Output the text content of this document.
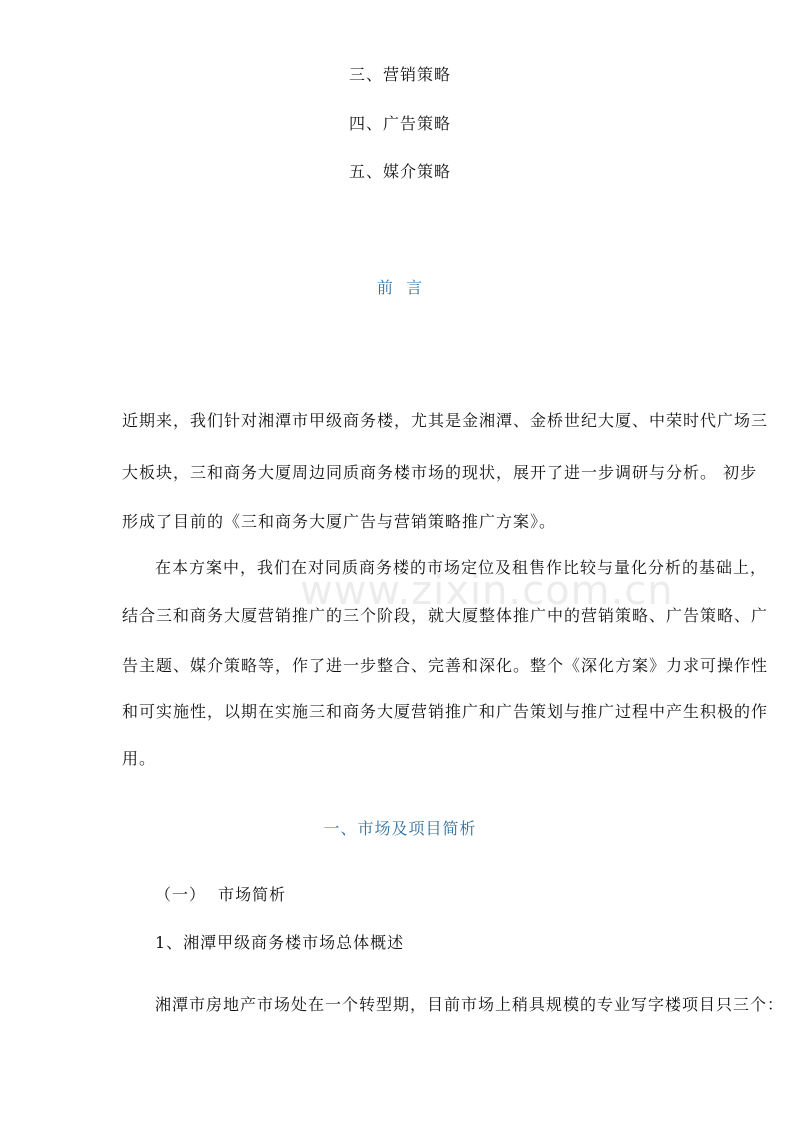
www.zixin.com.cn
三、营销策略
四、广告策略
五、媒介策略
前  言
近期来，我们针对湘潭市甲级商务楼，尤其是金湘潭、金桥世纪大厦、中荣时代广场三
大板块，三和商务大厦周边同质商务楼市场的现状，展开了进一步调研与分析。 初步
形成了目前的《三和商务大厦广告与营销策略推广方案》。
在本方案中，我们在对同质商务楼的市场定位及租售作比较与量化分析的基础上，
结合三和商务大厦营销推广的三个阶段，就大厦整体推广中的营销策略、广告策略、广
告主题、媒介策略等，作了进一步整合、完善和深化。整个《深化方案》力求可操作性
和可实施性，以期在实施三和商务大厦营销推广和广告策划与推广过程中产生积极的作
用。
一、市场及项目简析
（一）  市场简析
1、湘潭甲级商务楼市场总体概述
湘潭市房地产市场处在一个转型期，目前市场上稍具规模的专业写字楼项目只三个：
